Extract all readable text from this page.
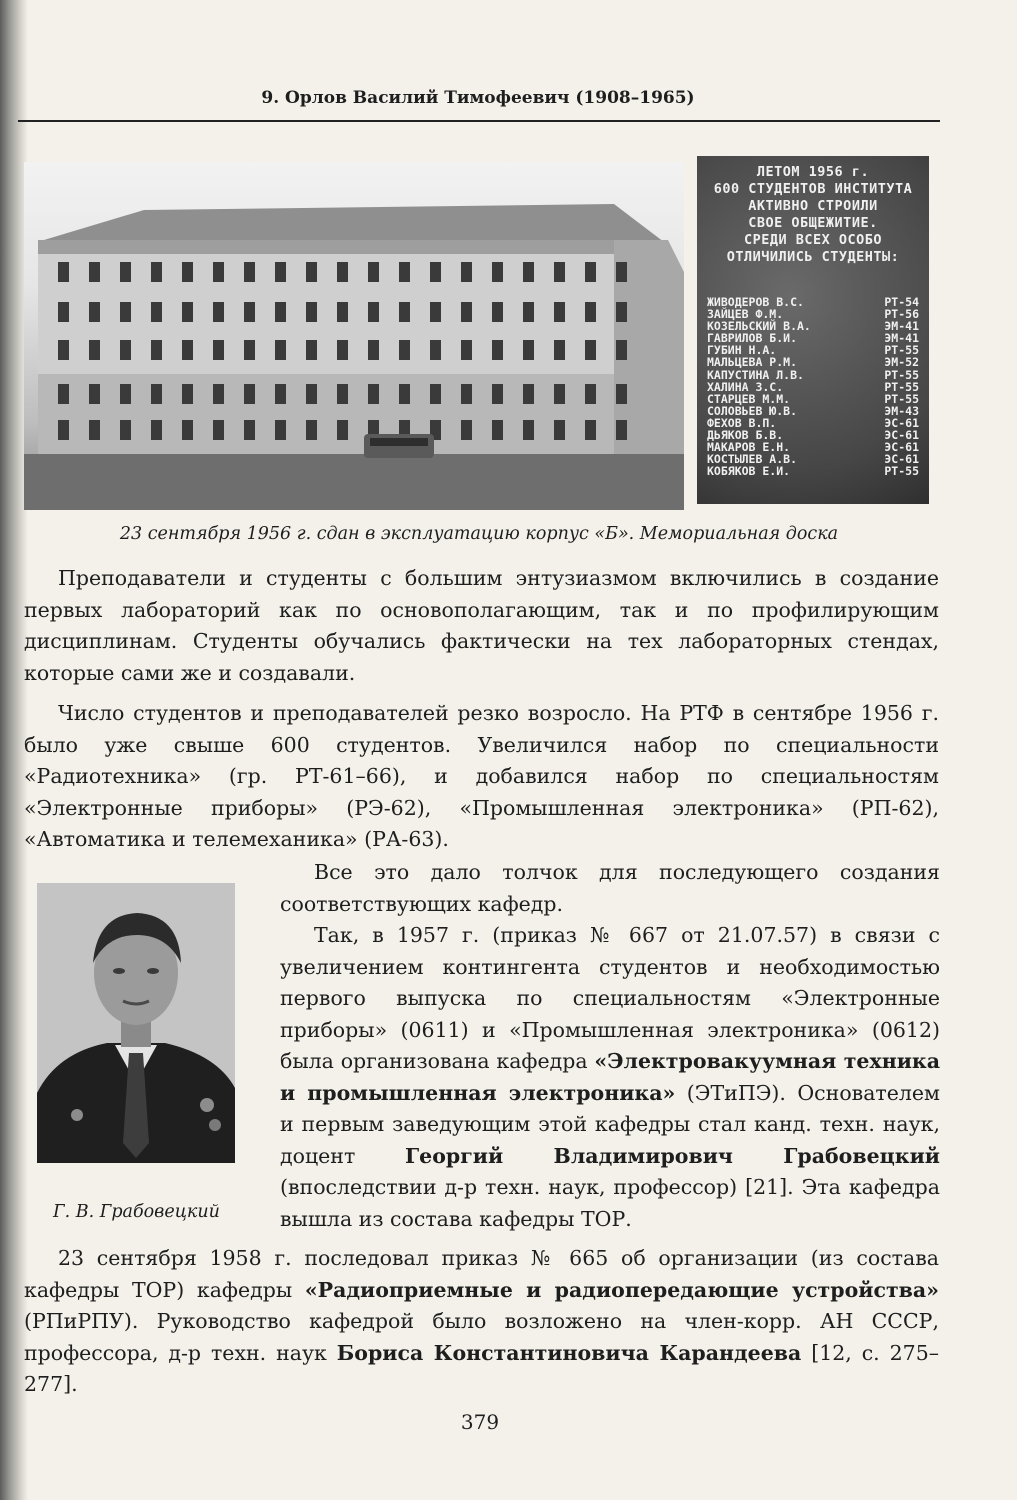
9. Орлов Василий Тимофеевич (1908–1965)
ЛЕТОМ 1956 г.
600 СТУДЕНТОВ ИНСТИТУТА
АКТИВНО СТРОИЛИ
СВОЕ ОБЩЕЖИТИЕ.
СРЕДИ ВСЕХ ОСОБО
ОТЛИЧИЛИСЬ СТУДЕНТЫ:
ЖИВОДЕРОВ В.С.	РТ-54
ЗАЙЦЕВ Ф.М.	РТ-56
КОЗЕЛЬСКИЙ В.А.	ЭМ-41
ГАВРИЛОВ Б.И.	ЭМ-41
ГУБИН Н.А.	РТ-55
МАЛЬЦЕВА Р.М.	ЭМ-52
КАПУСТИНА Л.В.	РТ-55
ХАЛИНА З.С.	РТ-55
СТАРЦЕВ М.М.	РТ-55
СОЛОВЬЕВ Ю.В.	ЭМ-43
ФЕХОВ В.П.	ЭС-61
ДЬЯКОВ Б.В.	ЭС-61
МАКАРОВ Е.Н.	ЭС-61
КОСТЫЛЕВ А.В.	ЭС-61
КОБЯКОВ Е.И.	РТ-55
23 сентября 1956 г. сдан в эксплуатацию корпус «Б». Мемориальная доска

Преподаватели и студенты с большим энтузиазмом включились в создание первых лабораторий как по основополагающим, так и по профилирующим дисциплинам. Студенты обучались фактически на тех лабораторных стендах, которые сами же и создавали.

Число студентов и преподавателей резко возросло. На РТФ в сентябре 1956 г. было уже свыше 600 студентов. Увеличился набор по специальности «Радиотехника» (гр. РТ-61–66), и добавился набор по специальностям «Электронные приборы» (РЭ-62), «Промышленная электроника» (РП-62), «Автоматика и телемеханика» (РА-63).

Все это дало толчок для последующего создания соответствующих кафедр.

Так, в 1957 г. (приказ № 667 от 21.07.57) в связи с увеличением контингента студентов и необходимостью первого выпуска по специальностям «Электронные приборы» (0611) и «Промышленная электроника» (0612) была организована кафедра «Электровакуумная техника и промышленная электроника» (ЭТиПЭ). Основателем и первым заведующим этой кафедры стал канд. техн. наук, доцент Георгий Владимирович Грабовецкий (впоследствии д-р техн. наук, профессор) [21]. Эта кафедра вышла из состава кафедры ТОР.

Г. В. Грабовецкий

23 сентября 1958 г. последовал приказ № 665 об организации (из состава кафедры ТОР) кафедры «Радиоприемные и радиопередающие устройства» (РПиРПУ). Руководство кафедрой было возложено на член-корр. АН СССР, профессора, д-р техн. наук Бориса Константиновича Карандеева [12, с. 275–277].

379
